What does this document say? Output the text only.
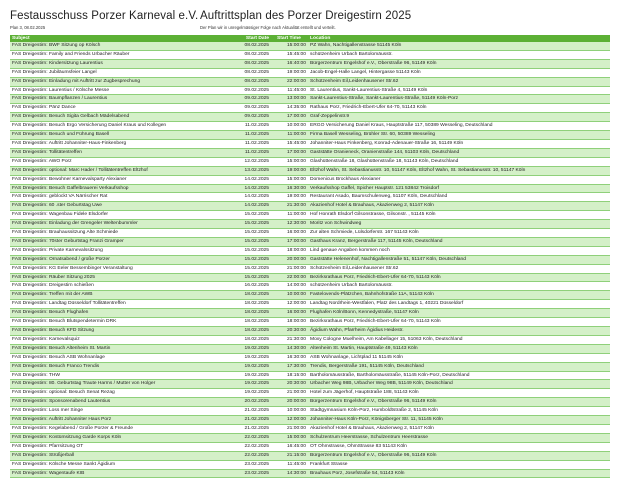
Festausschuss Porzer Karneval e.V.
Plan 3, 08.02.2025
Auftrittsplan des Porzer Dreigestirn 2025
Der Plan wir in unregelmässiger Folge nach Aktualität erstellt und verteilt.
Subject	Start Date	Start Time	Location
FAS Dreigestirn: BWF Sitzung op Kölsch	08.02.2025	15:00:00	PZ Wahn, Nachtigallenstrasse 51145 Köln
FAS Dreigestirn: Family and Friends Urbacher Räuber	08.02.2025	15:45:00	schützenheim Urbach Bartolomäusstr.
FAS Dreigestirn: Kindersitzung Laurentius	08.02.2025	16:40:00	Bürgerzentrum Engelshof e.V., Oberstraße 96, 51149 Köln
FAS Dreigestirn: Jubiläumsfeier Langel	08.02.2025	19:00:00	Jacob-Engel-Halle Langel, Hintergasse 51143 Köln
FAS Dreigestirn: Einladung mit Auftritt zur Zugbesprechung	08.02.2025	22:00:00	Schützenheim Eil,Leidenhausener Str.62
FAS Dreigestirn: Laurentius / Kölsche Messe	09.02.2025	11:45:00	St. Laurentius, Sankt-Laurentius-Straße 4, 51149 Köln
FAS Dreigestirn: Baumpflanzen / Laurentius	09.02.2025	13:00:00	Sankt-Laurentius-Straße, Sankt-Laurentius-Straße, 51149 Köln-Porz
FAS Dreigestirn: Pänz Dance	09.02.2025	14:35:00	Rathaus Porz, Friedrich-Ebert-Ufer 64-70, 51143 Köln
FAS Dreigestirn: Besuch Sigita Gelbach Mädelsabend	09.02.2025	17:00:00	Graf-Zeppelinstr.9
FAS Dreigestirn: Besuch Ergo Versicherung Daniel Kraus und Kollegen	11.02.2025	10:00:00	ERGO Versicherung Daniel Kraus, Hauptstraße 117, 50389 Wesseling, Deutschland
FAS Dreigestirn: Besuch und Führung Basell	11.02.2025	11:00:00	Firma Basell Wesseling, Brühler Str. 60, 50389 Wesseling
FAS Dreigestirn: Auftritt Johanniter-Haus-Finkenberg	11.02.2025	15:45:00	Johanniter-Haus Finkenberg, Konrad-Adenauer-Straße 16, 51149 Köln
FAS Dreigestirn: Tollitätentreffen	11.02.2025	17:00:00	Gaststätte Oranieneck, Oranienstraße 144, 51103 Köln, Deutschland
FAS Dreigestirn: AWO Porz	12.02.2025	15:00:00	Glashüttenstraße 18, Glashüttenstraße 18, 51143 Köln, Deutschland
FAS Dreigestirn: optional: Marc Hader / Tollitätentreffen Eltzhof	13.02.2025	19:00:00	Eltzhof Wahn, St. Sebastianusstr. 10, 51147 Köln, Eltzhof Wahn, St. Sebastianusstr. 10, 51147 Köln
FAS Dreigestirn: Bewohner Karnevalsparty Alexianer	14.02.2025	15:00:00	Domenicus Brockhaus Alexianer
FAS Dreigestirn: Besuch Gaffelbrauerei Verkaufsshop	14.02.2025	16:30:00	Verkaufsshop Gaffel, Spicher Hauptstr. 121 53842 Troisdorf
FAS Dreigestirn: geblockt VA Närrischer Rat	14.02.2025	19:00:00	Restaurant Asado, Baumschulenweg, 51107 Köln, Deutschland
FAS Dreigestirn: 60 .ster Geburtstag Uwe	14.02.2025	21:30:00	Akazienhof Hotel & Brauhaus, Akazienweg 2, 51147 Köln
FAS Dreigestirn: Wagenbau Fidele Elsdorfer	15.02.2025	11:00:00	Hof Honrath Elsdorf Gilsonstrasse, Gilsonstr. , 51145 Köln
FAS Dreigestirn: Einladung der Grengeler Weltenbummler	15.02.2025	12:30:00	Moritz von Schwindweg
FAS Dreigestirn: Brauhaussitzung Alte Schmiede	15.02.2025	16:00:00	Zur alten Schmiede, Lülsdorferstr. 167 51143 Köln
FAS Dreigestirn: 70ster Geburtstag Franzi Gramper	15.02.2025	17:00:00	Gasthaus Kranz, Bergerstraße 117, 51145 Köln, Deutschland
FAS Dreigestirn: Private Karnevalssitzung	15.02.2025	18:00:00	Lind genaue Angaben kommen noch
FAS Dreigestirn: Ornatsabend / große Porzer	15.02.2025	20:00:00	Gaststätte Helenenhof, Nachtigallenstraße 51, 51147 Köln, Deutschland
FAS Dreigestirn: KG Eeler Bessembinger Veranstaltung	15.02.2025	21:00:00	Schützenheim Eil,Leidenhausener Str.62
FAS Dreigestirn: Räuber Sitzung 2025	15.02.2025	22:00:00	Bezirksrathaus Porz, Friedrich-Ebert-Ufer 64-70, 51143 Köln
FAS Dreigestirn: Dreigestirn schießen	16.02.2025	14:00:00	schützenheim Urbach Bartolomäusstr.
FAS Dreigestirn: Treffen mit der AWB	18.02.2025	10:00:00	Fastelovends-Plätzchen, Bahnhofstraße 11A, 51143 Köln
FAS Dreigestirn: Landtag Düsseldorf Tollitätentreffen	18.02.2025	12:00:00	Landtag Nordrhein-Westfalen, Platz des Landtags 1, 40221 Düsseldorf
FAS Dreigestirn: Besuch Flughafen	18.02.2025	16:00:00	Flughafen Köln/Bonn, Kennedystraße, 51147 Köln
FAS Dreigestirn: Besuch Blutspendetermin DRK	18.02.2025	18:00:00	Bezirksrathaus Porz, Friedrich-Ebert-Ufer 64-70, 51143 Köln
FAS Dreigestirn: Besuch KFD Sitzung	18.02.2025	20:30:00	Ägidium Wahn, Pfarrheim Ägidius Heidestr.
FAS Dreigestirn: Karnevalsquiz	18.02.2025	21:30:00	Moxy Cologne Muelheim, Am Kabellager 15, 51063 Köln, Deutschland
FAS Dreigestirn: Besuch Altenheim St. Martin	19.02.2025	14:30:00	Altenheim St. Martin, Hauptstraße 49, 51143 Köln
FAS Dreigestirn: Besuch ASB Wohnanlage	19.02.2025	16:30:00	ASB Wohnanlage, Lichtplad 11 51145 Köln
FAS Dreigestirn: Besuch Franco Trendis	19.02.2025	17:30:00	Trendis, Bergerstraße 191, 51145 Köln, Deutschland
FAS Dreigestirn: THW	19.02.2025	18:15:00	Bartholomäusstraße, Bartholomäusstraße, 51145 Köln-Porz, Deutschland
FAS Dreigestirn: 80. Geburtstag Traute Harms / Mutter von Holger	19.02.2025	20:30:00	Urbacher Weg 98B, Urbacher Weg 98B, 51149 Köln, Deutschland
FAS Dreigestirn: optional: Besuch Senat Rezag	19.02.2025	21:00:00	Hotel zum Jägerhof, Hauptstraße 188, 51143 Köln
FAS Dreigestirn: Sponsorenabend Lautentius	20.02.2025	20:00:00	Bürgerzentrum Engelshof e.V., Oberstraße 96, 51149 Köln
FAS Dreigestirn: Loss mer Singe	21.02.2025	10:00:00	Stadtgymnasium Köln-Porz, Humboldtstraße 2, 51145 Köln
FAS Dreigestirn: Auftritt Johanniter Haus Porz	21.02.2025	12:00:00	Johanniter-Haus Köln-Porz, Königsberger Str. 11, 51145 Köln
FAS Dreigestirn: Kegelabend / Große Porzer & Freunde	21.02.2025	21:00:00	Akazienhof Hotel & Brauhaus, Akazienweg 2, 51147 Köln
FAS Dreigestirn: Kostümsitzung Garde Korps Köln	22.02.2025	15:00:00	Schulzentrum Heerstrasse, Schulzentrum Heerstrasse
FAS Dreigestirn: Pfarrsitzung OT	22.02.2025	16:45:00	OT Ohmstrasse, OhmStrasse 83 51143 Köln
FAS Dreigestirn: Strüßjerball	22.02.2025	21:15:00	Bürgerzentrum Engelshof e.V., Oberstraße 96, 51149 Köln
FAS Dreigestirn: Kölsche Messe Sankt Ägidium	23.02.2025	11:45:00	Frankfurt Strasse
FAS Dreigestirn: Wagentaufe KIB	23.02.2025	14:30:00	Brauhaus Porz, Josefstraße 54, 51143 Köln
